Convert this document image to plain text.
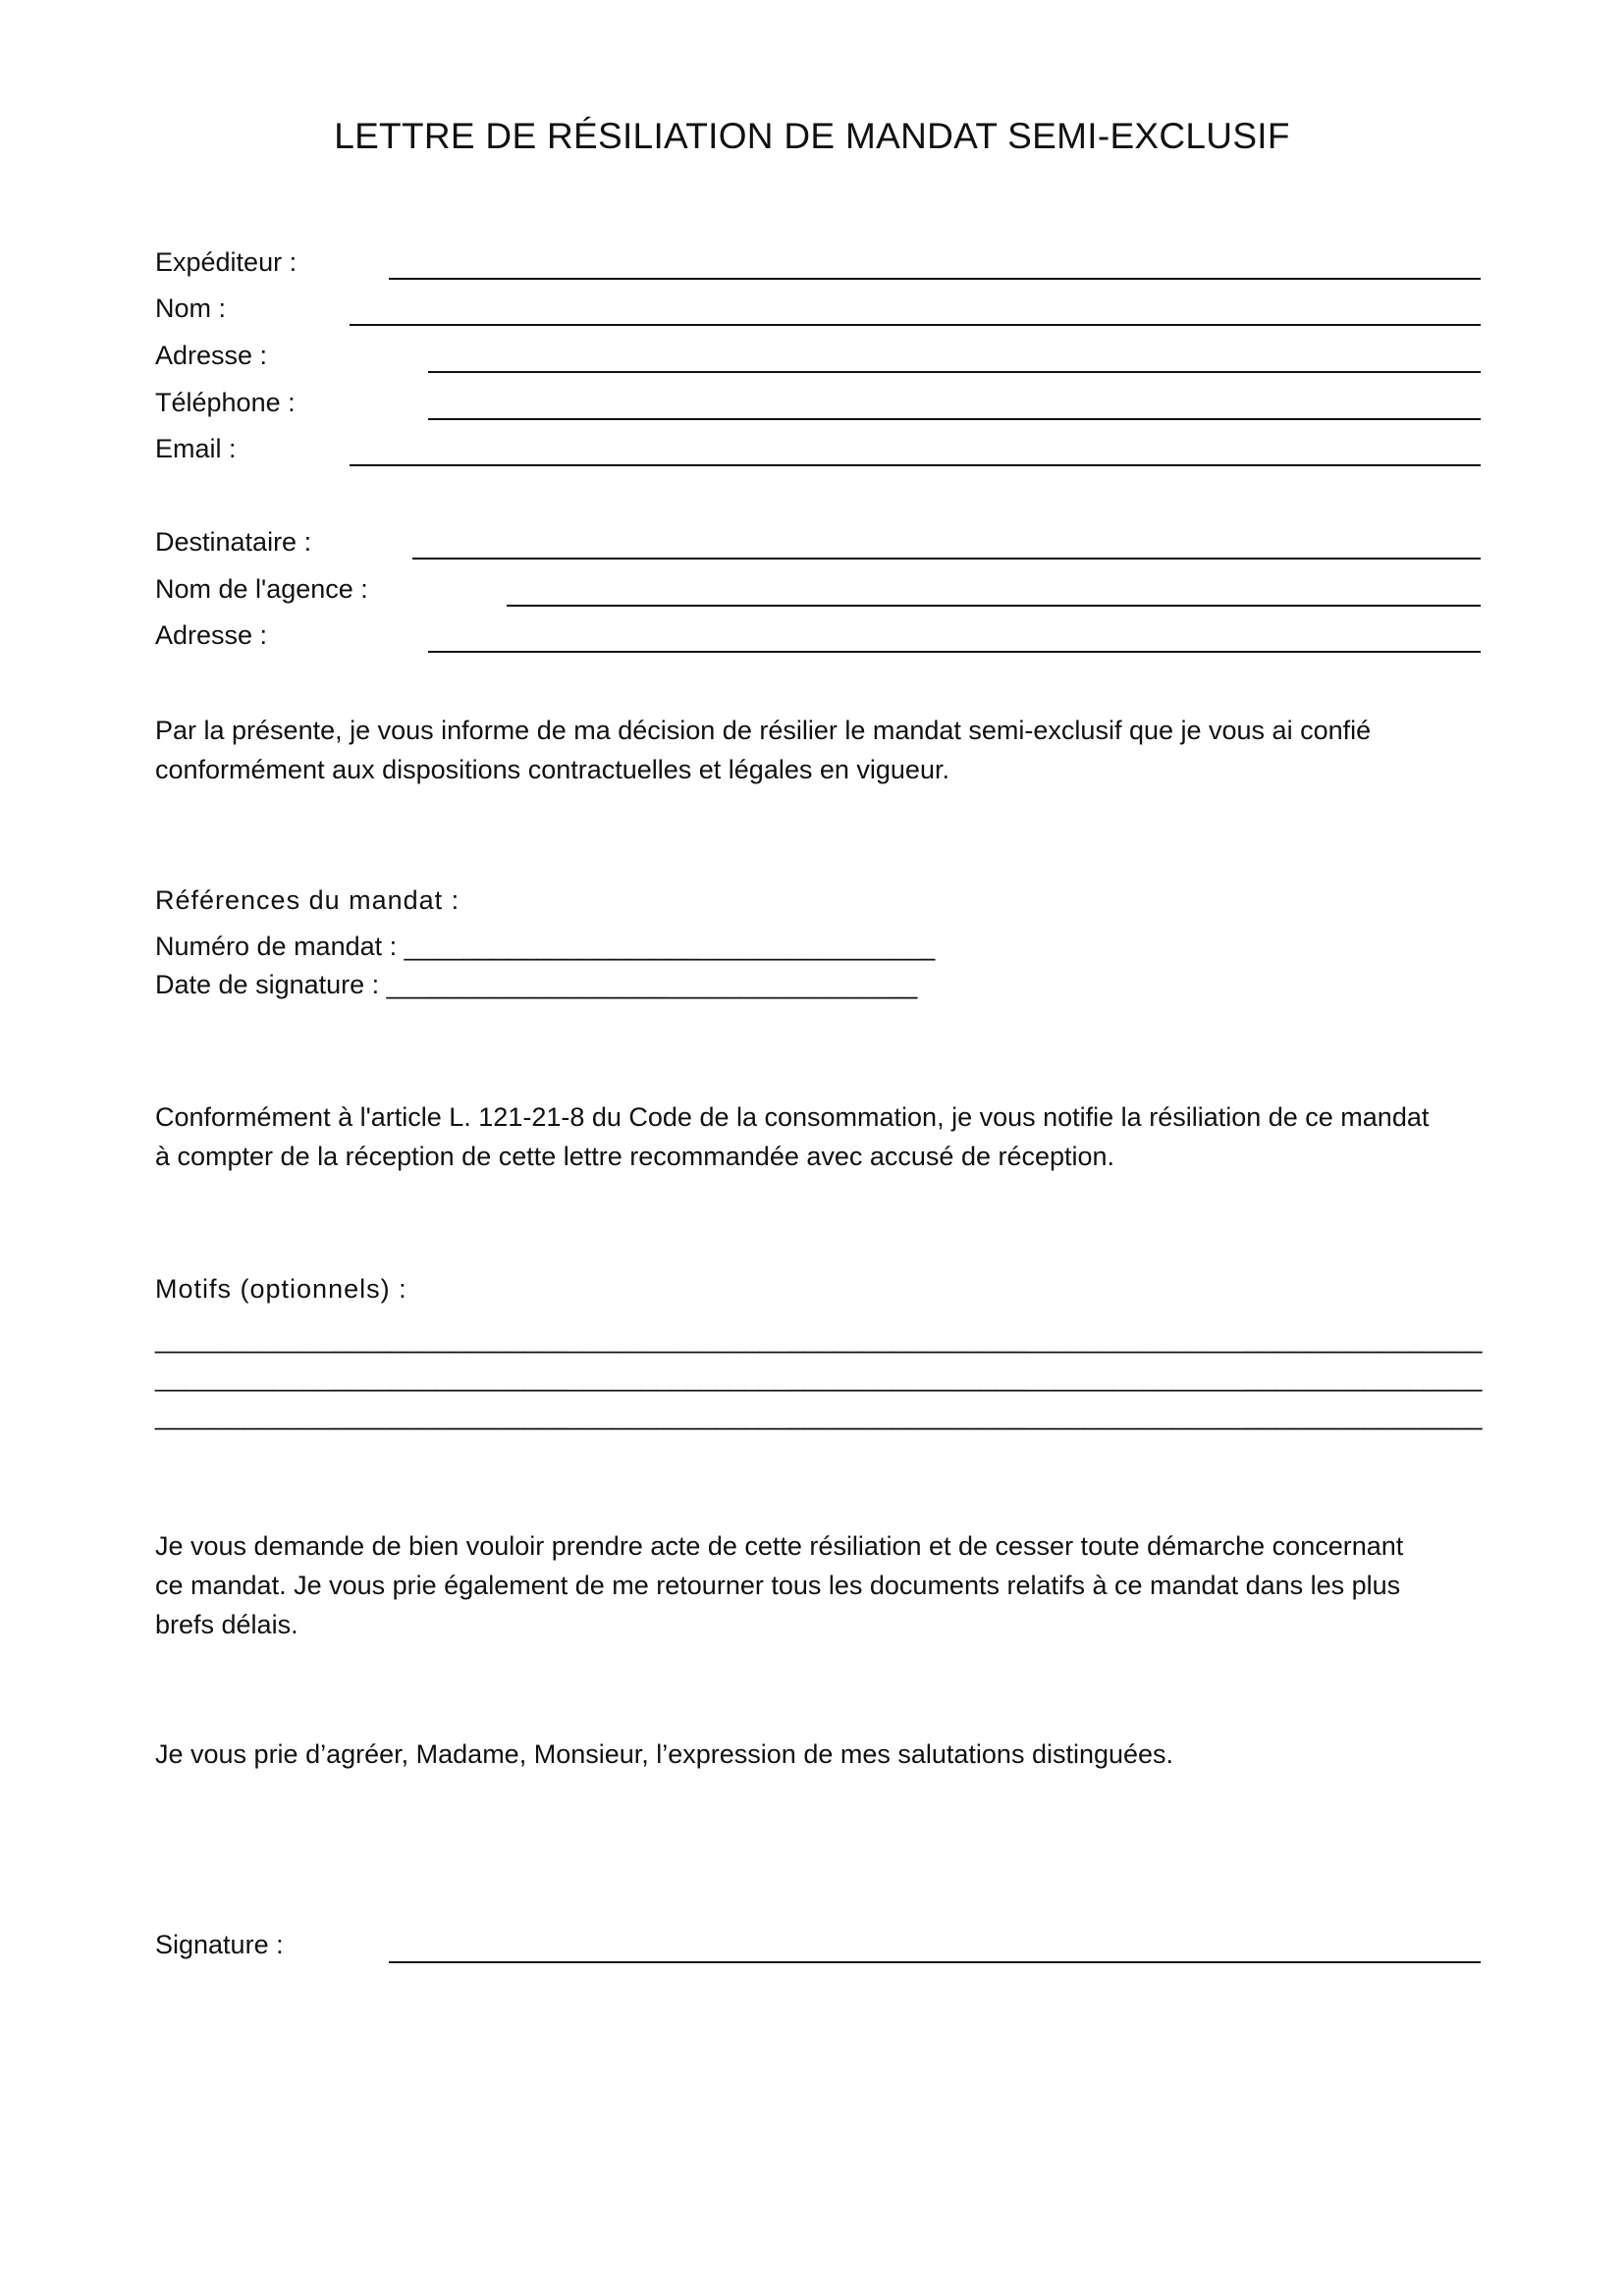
LETTRE DE RÉSILIATION DE MANDAT SEMI-EXCLUSIF
Expéditeur :
Nom :
Adresse :
Téléphone :
Email :
Destinataire :
Nom de l'agence :
Adresse :

Par la présente, je vous informe de ma décision de résilier le mandat semi-exclusif que je vous ai confié
conformément aux dispositions contractuelles et légales en vigueur.

Références du mandat :
Numéro de mandat : ____________________________________
Date de signature : ____________________________________

Conformément à l'article L. 121-21-8 du Code de la consommation, je vous notifie la résiliation de ce mandat
à compter de la réception de cette lettre recommandée avec accusé de réception.

Motifs (optionnels) :
__________________________________________________________________________________________
__________________________________________________________________________________________
__________________________________________________________________________________________

Je vous demande de bien vouloir prendre acte de cette résiliation et de cesser toute démarche concernant
ce mandat. Je vous prie également de me retourner tous les documents relatifs à ce mandat dans les plus
brefs délais.

Je vous prie d’agréer, Madame, Monsieur, l’expression de mes salutations distinguées.

Signature :
